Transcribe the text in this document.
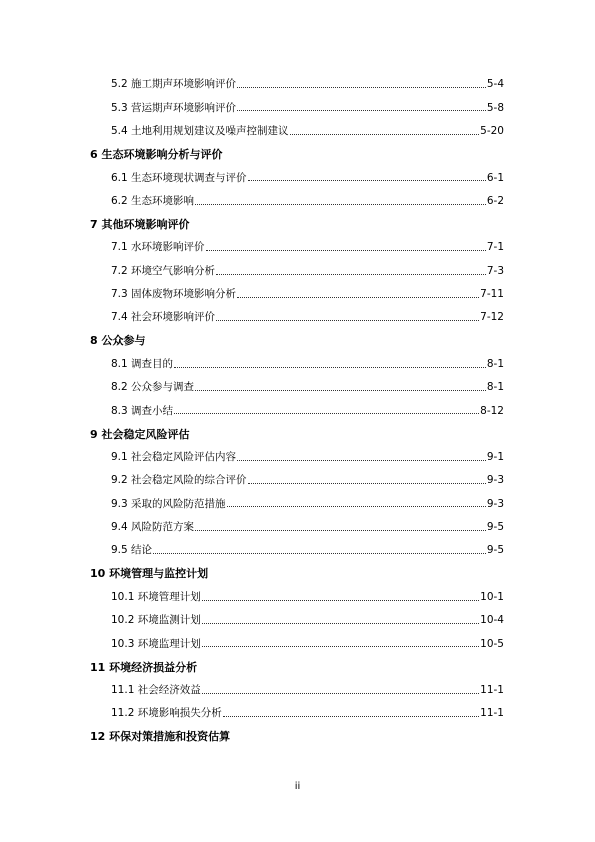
5.2 施工期声环境影响评价	5-4
5.3 营运期声环境影响评价	5-8
5.4 土地利用规划建议及噪声控制建议	5-20
6 生态环境影响分析与评价
6.1 生态环境现状调查与评价	6-1
6.2 生态环境影响	6-2
7 其他环境影响评价
7.1 水环境影响评价	7-1
7.2 环境空气影响分析	7-3
7.3 固体废物环境影响分析	7-11
7.4 社会环境影响评价	7-12
8 公众参与
8.1 调查目的	8-1
8.2 公众参与调查	8-1
8.3 调查小结	8-12
9 社会稳定风险评估
9.1 社会稳定风险评估内容	9-1
9.2 社会稳定风险的综合评价	9-3
9.3 采取的风险防范措施	9-3
9.4 风险防范方案	9-5
9.5 结论	9-5
10 环境管理与监控计划
10.1 环境管理计划	10-1
10.2 环境监测计划	10-4
10.3 环境监理计划	10-5
11 环境经济损益分析
11.1 社会经济效益	11-1
11.2 环境影响损失分析	11-1
12 环保对策措施和投资估算
ii
